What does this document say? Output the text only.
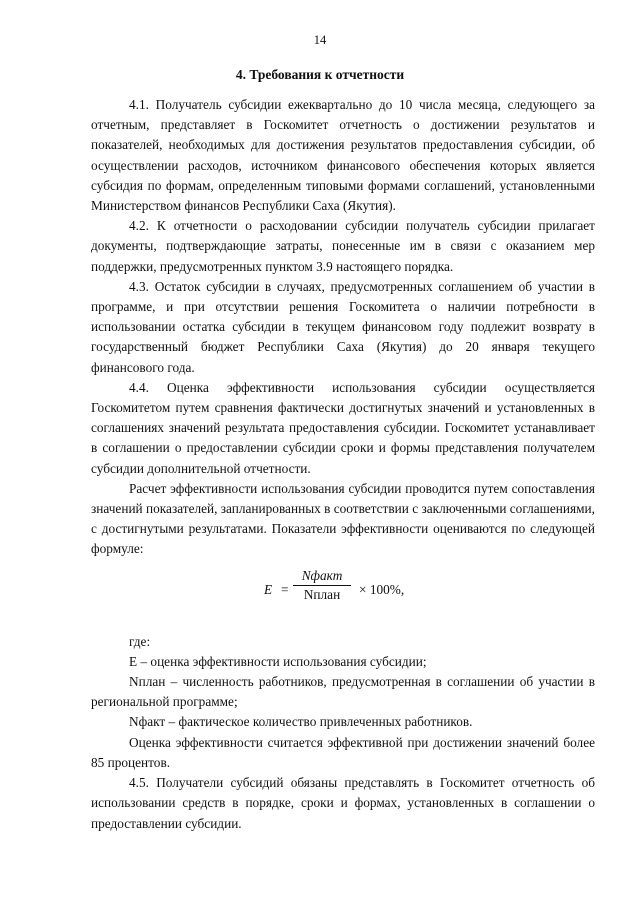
14
4. Требования к отчетности

4.1. Получатель субсидии ежеквартально до 10 числа месяца, следующего за отчетным, представляет в Госкомитет отчетность о достижении результатов и показателей, необходимых для достижения результатов предоставления субсидии, об осуществлении расходов, источником финансового обеспечения которых является субсидия по формам, определенным типовыми формами соглашений, установленными Министерством финансов Республики Саха (Якутия).

4.2. К отчетности о расходовании субсидии получатель субсидии прилагает документы, подтверждающие затраты, понесенные им в связи с оказанием мер поддержки, предусмотренных пунктом 3.9 настоящего порядка.

4.3. Остаток субсидии в случаях, предусмотренных соглашением об участии в программе, и при отсутствии решения Госкомитета о наличии потребности в использовании остатка субсидии в текущем финансовом году подлежит возврату в государственный бюджет Республики Саха (Якутия) до 20 января текущего финансового года.

4.4. Оценка эффективности использования субсидии осуществляется Госкомитетом путем сравнения фактически достигнутых значений и установленных в соглашениях значений результата предоставления субсидии. Госкомитет устанавливает в соглашении о предоставлении субсидии сроки и формы представления получателем субсидии дополнительной отчетности.

Расчет эффективности использования субсидии проводится путем сопоставления значений показателей, запланированных в соответствии с заключенными соглашениями, с достигнутыми результатами. Показатели эффективности оцениваются по следующей формуле:

E =
Nфакт
Nплан	× 100%,

где:

E – оценка эффективности использования субсидии;

Nплан – численность работников, предусмотренная в соглашении об участии в региональной программе;

Nфакт – фактическое количество привлеченных работников.

Оценка эффективности считается эффективной при достижении значений более 85 процентов.

4.5. Получатели субсидий обязаны представлять в Госкомитет отчетность об использовании средств в порядке, сроки и формах, установленных в соглашении о предоставлении субсидии.
